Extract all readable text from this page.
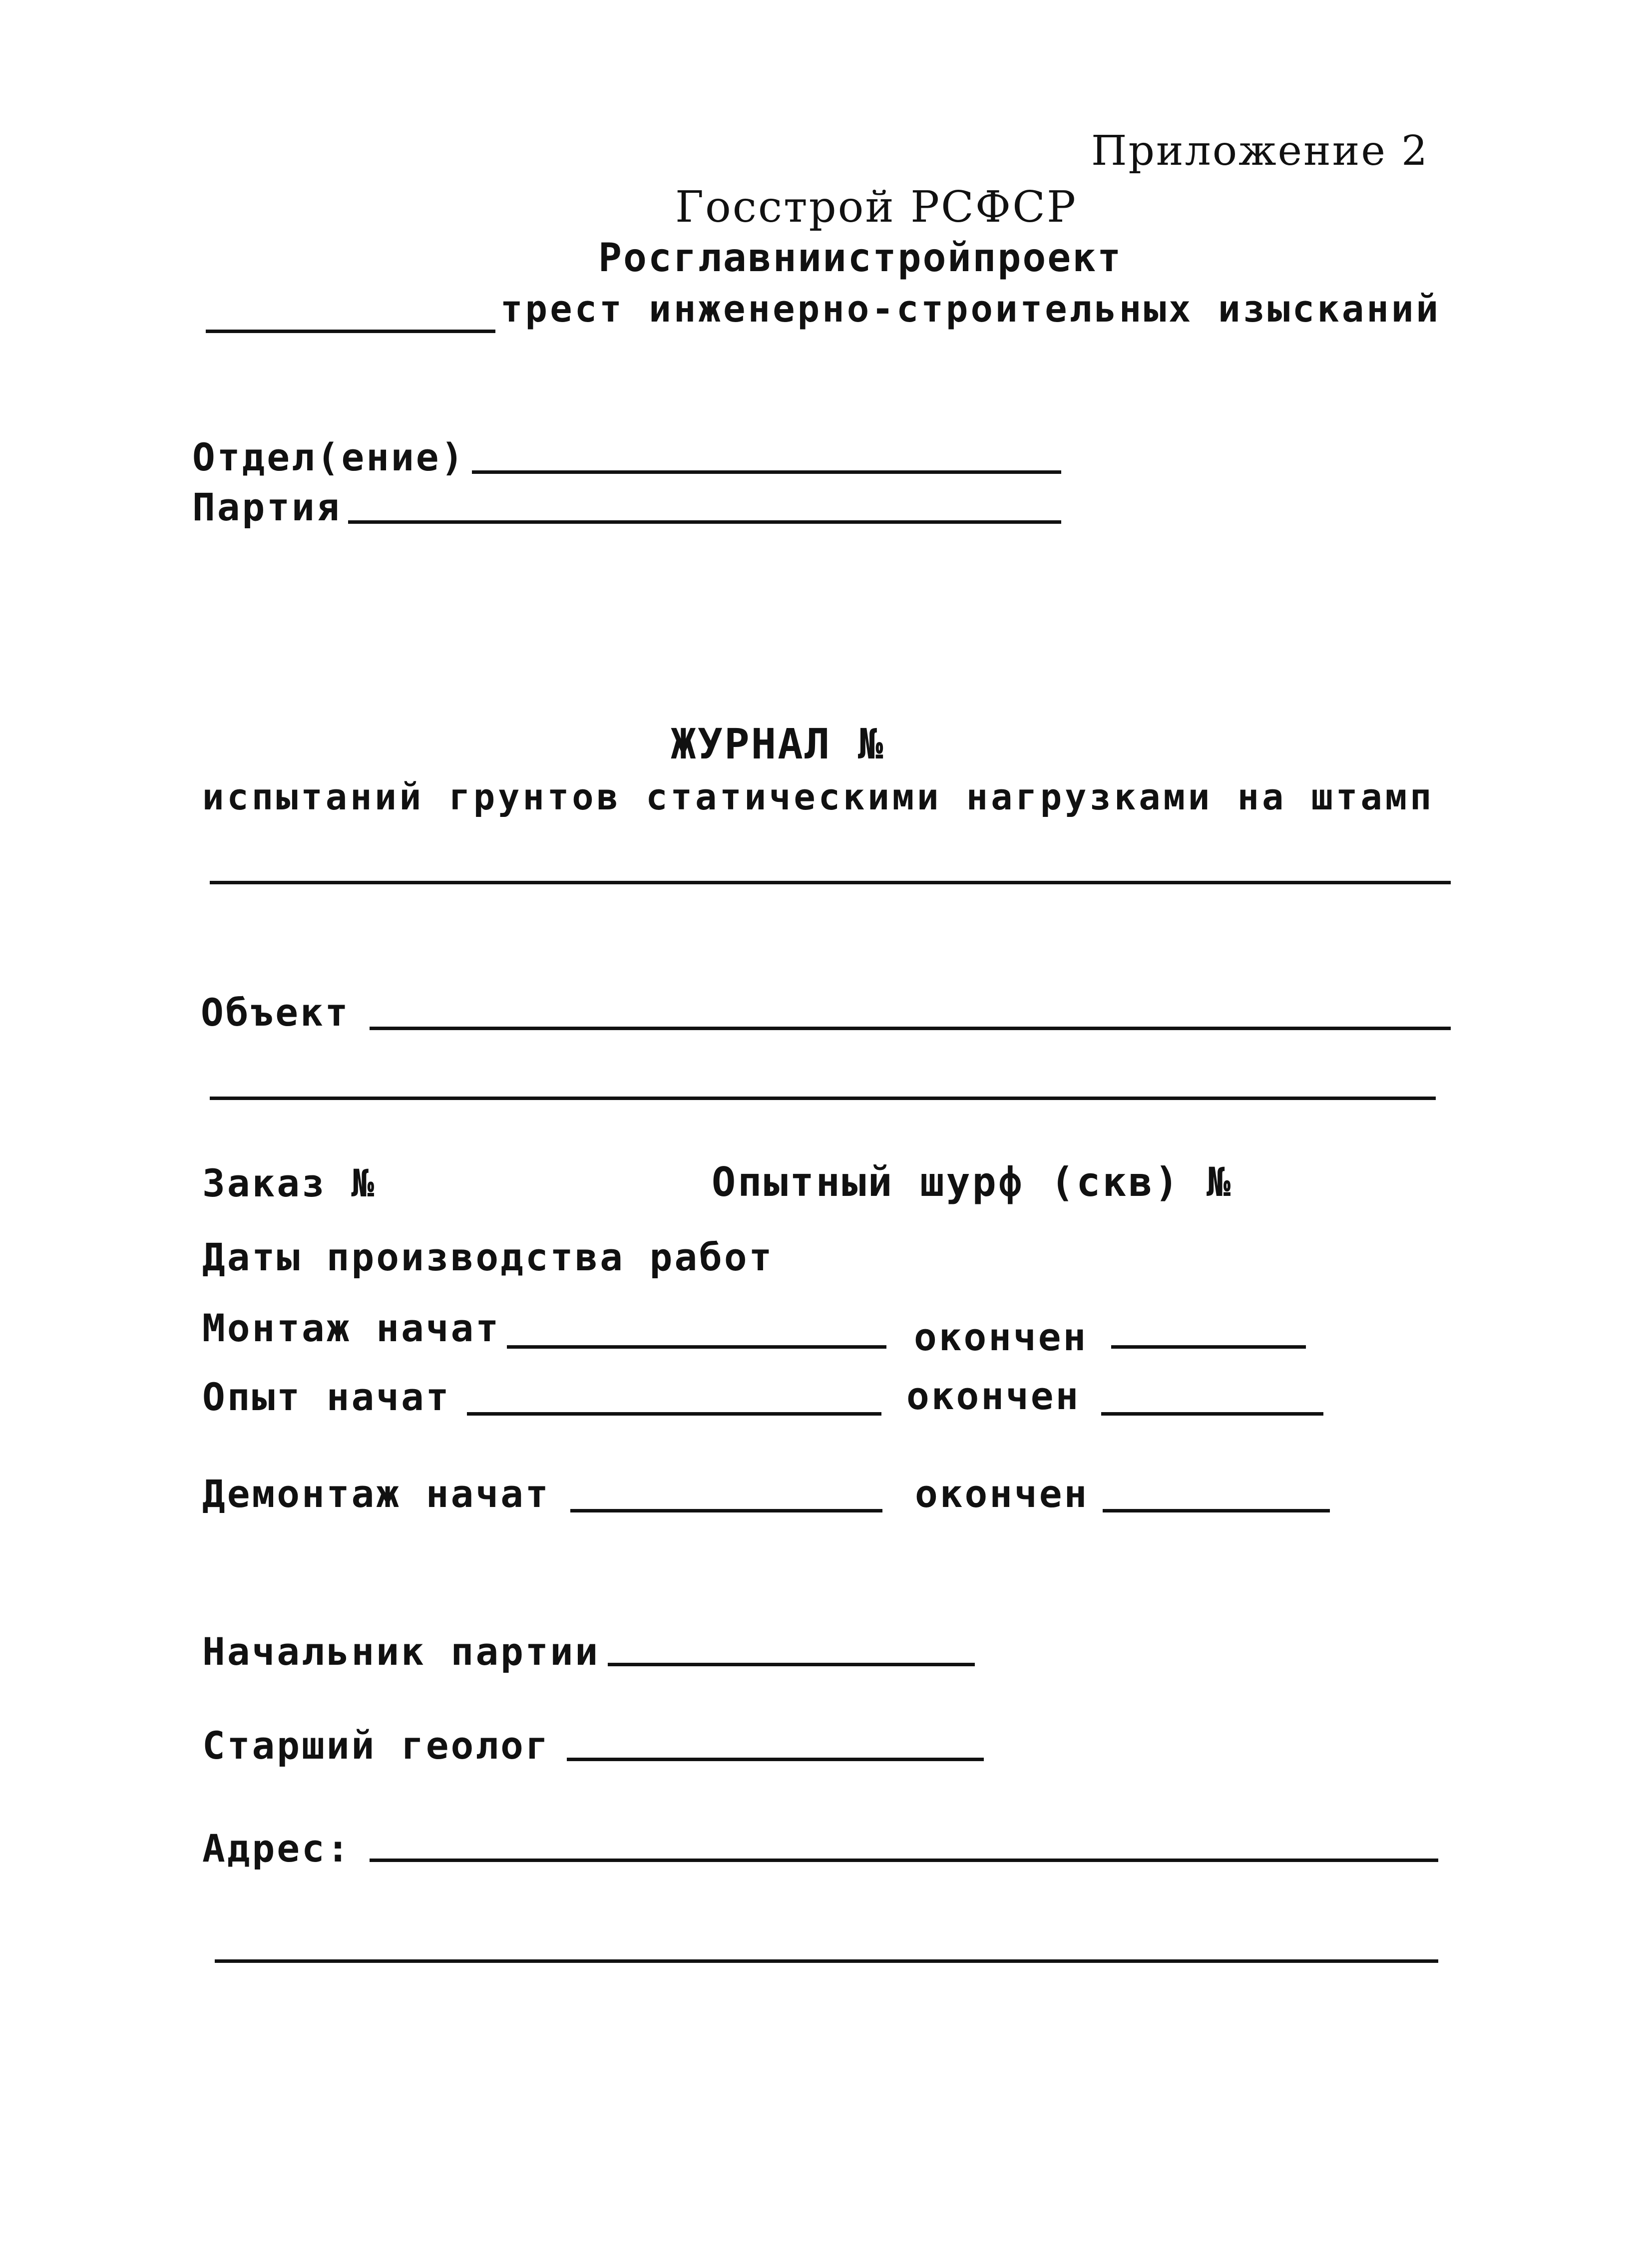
Приложение 2
Госстрой РСФСР
Росглавниистройпроект
трест инженерно-строительных изысканий
Отдел(ение)
Партия
ЖУРНАЛ №
испытаний грунтов статическими нагрузками на штамп
Объект
Заказ №	Опытный шурф (скв) №
Даты производства работ
Монтаж начат	окончен
Опыт начат	окончен
Демонтаж начат	окончен
Начальник партии
Старший геолог
Адрес:
